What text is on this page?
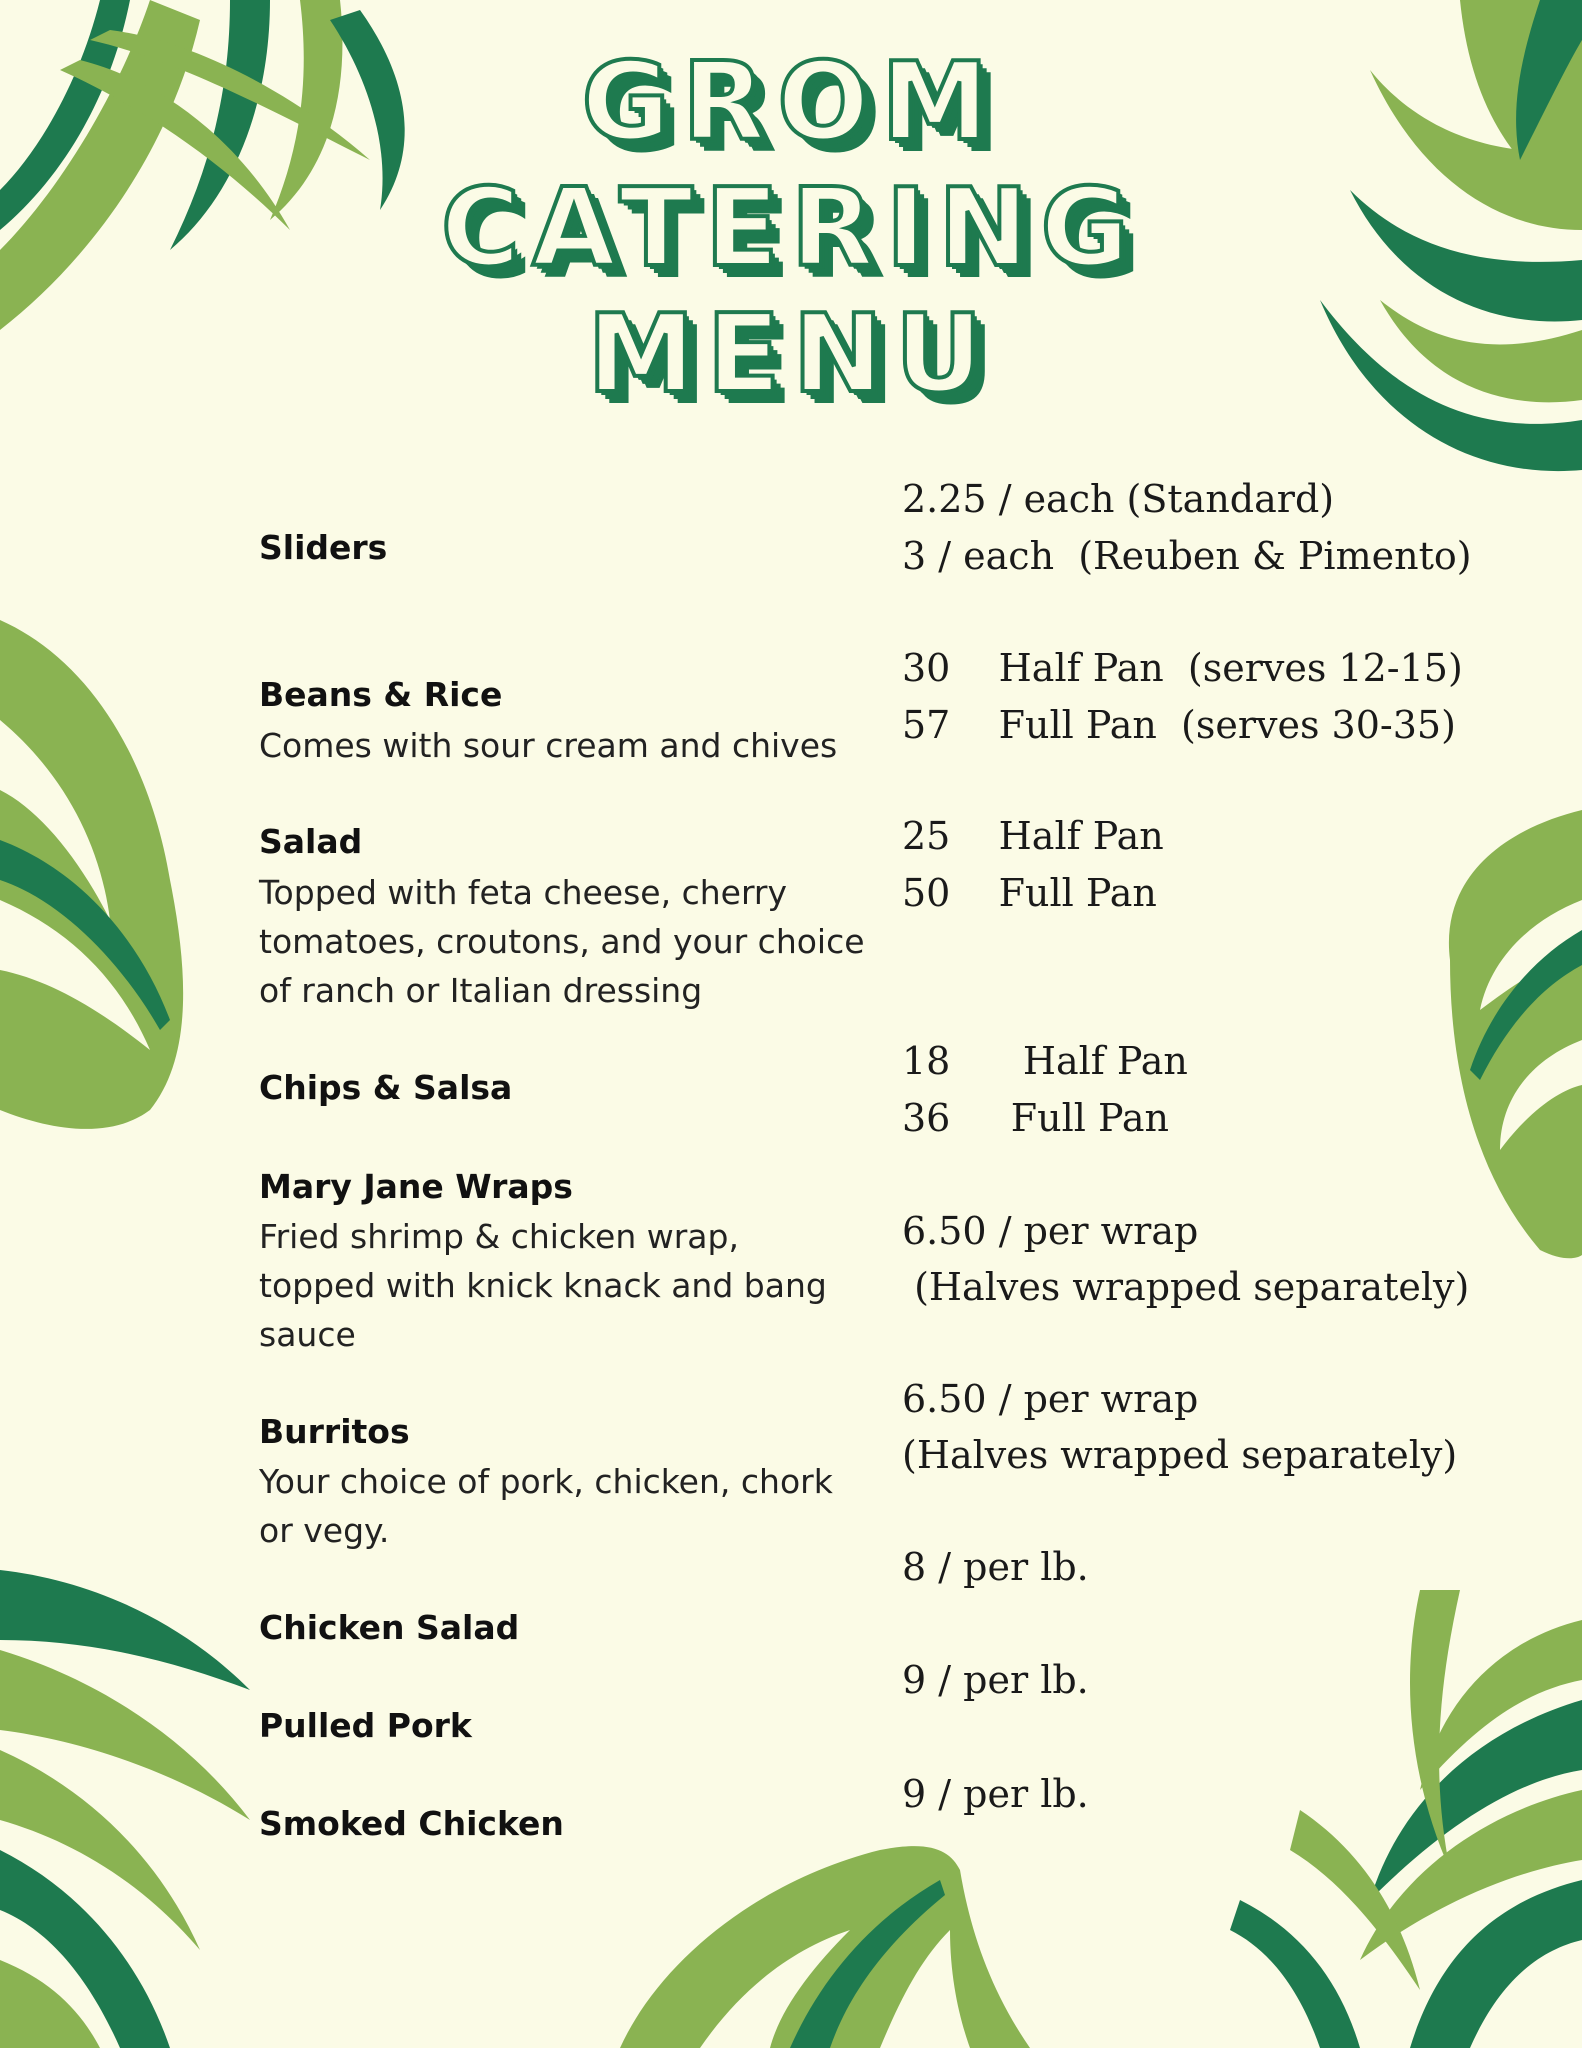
GROM
CATERING
MENU
Sliders
2.25 / each (Standard)
3 / each  (Reuben & Pimento)
Beans & Rice
Comes with sour cream and chives
30    Half Pan  (serves 12-15)
57    Full Pan  (serves 30-35)
Salad
Topped with feta cheese, cherry
tomatoes, croutons, and your choice
of ranch or Italian dressing
25    Half Pan
50    Full Pan
Chips & Salsa
18      Half Pan
36     Full Pan
Mary Jane Wraps
Fried shrimp & chicken wrap,
topped with knick knack and bang
sauce
6.50 / per wrap
(Halves wrapped separately)
Burritos
Your choice of pork, chicken, chork
or vegy.
6.50 / per wrap
(Halves wrapped separately)
Chicken Salad
8 / per lb.
Pulled Pork
9 / per lb.
Smoked Chicken
9 / per lb.
